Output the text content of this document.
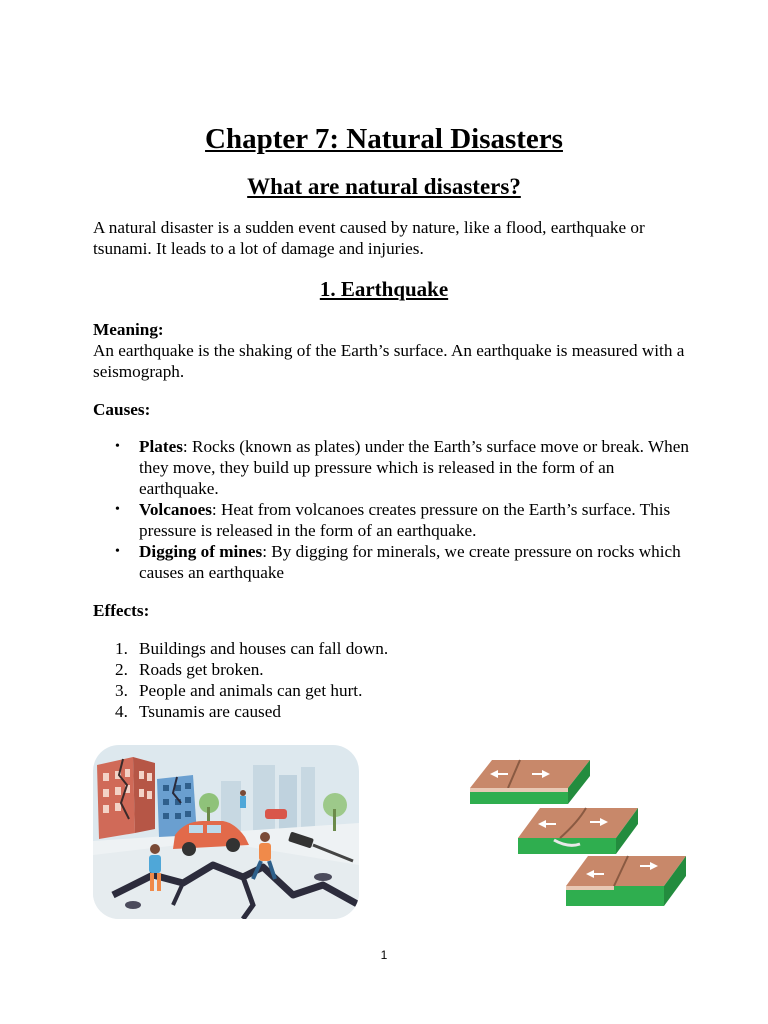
Chapter 7: Natural Disasters
What are natural disasters?

A natural disaster is a sudden event caused by nature, like a flood, earthquake or tsunami. It leads to a lot of damage and injuries.

1. Earthquake

Meaning:

An earthquake is the shaking of the Earth’s surface. An earthquake is measured with a seismograph.

Causes:

• Plates: Rocks (known as plates) under the Earth’s surface move or break. When they move, they build up pressure which is released in the form of an earthquake.
• Volcanoes: Heat from volcanoes creates pressure on the Earth’s surface. This pressure is released in the form of an earthquake.
• Digging of mines: By digging for minerals, we create pressure on rocks which causes an earthquake

Effects:

1. Buildings and houses can fall down.
2. Roads get broken.
3. People and animals can get hurt.
4. Tsunamis are caused
1
